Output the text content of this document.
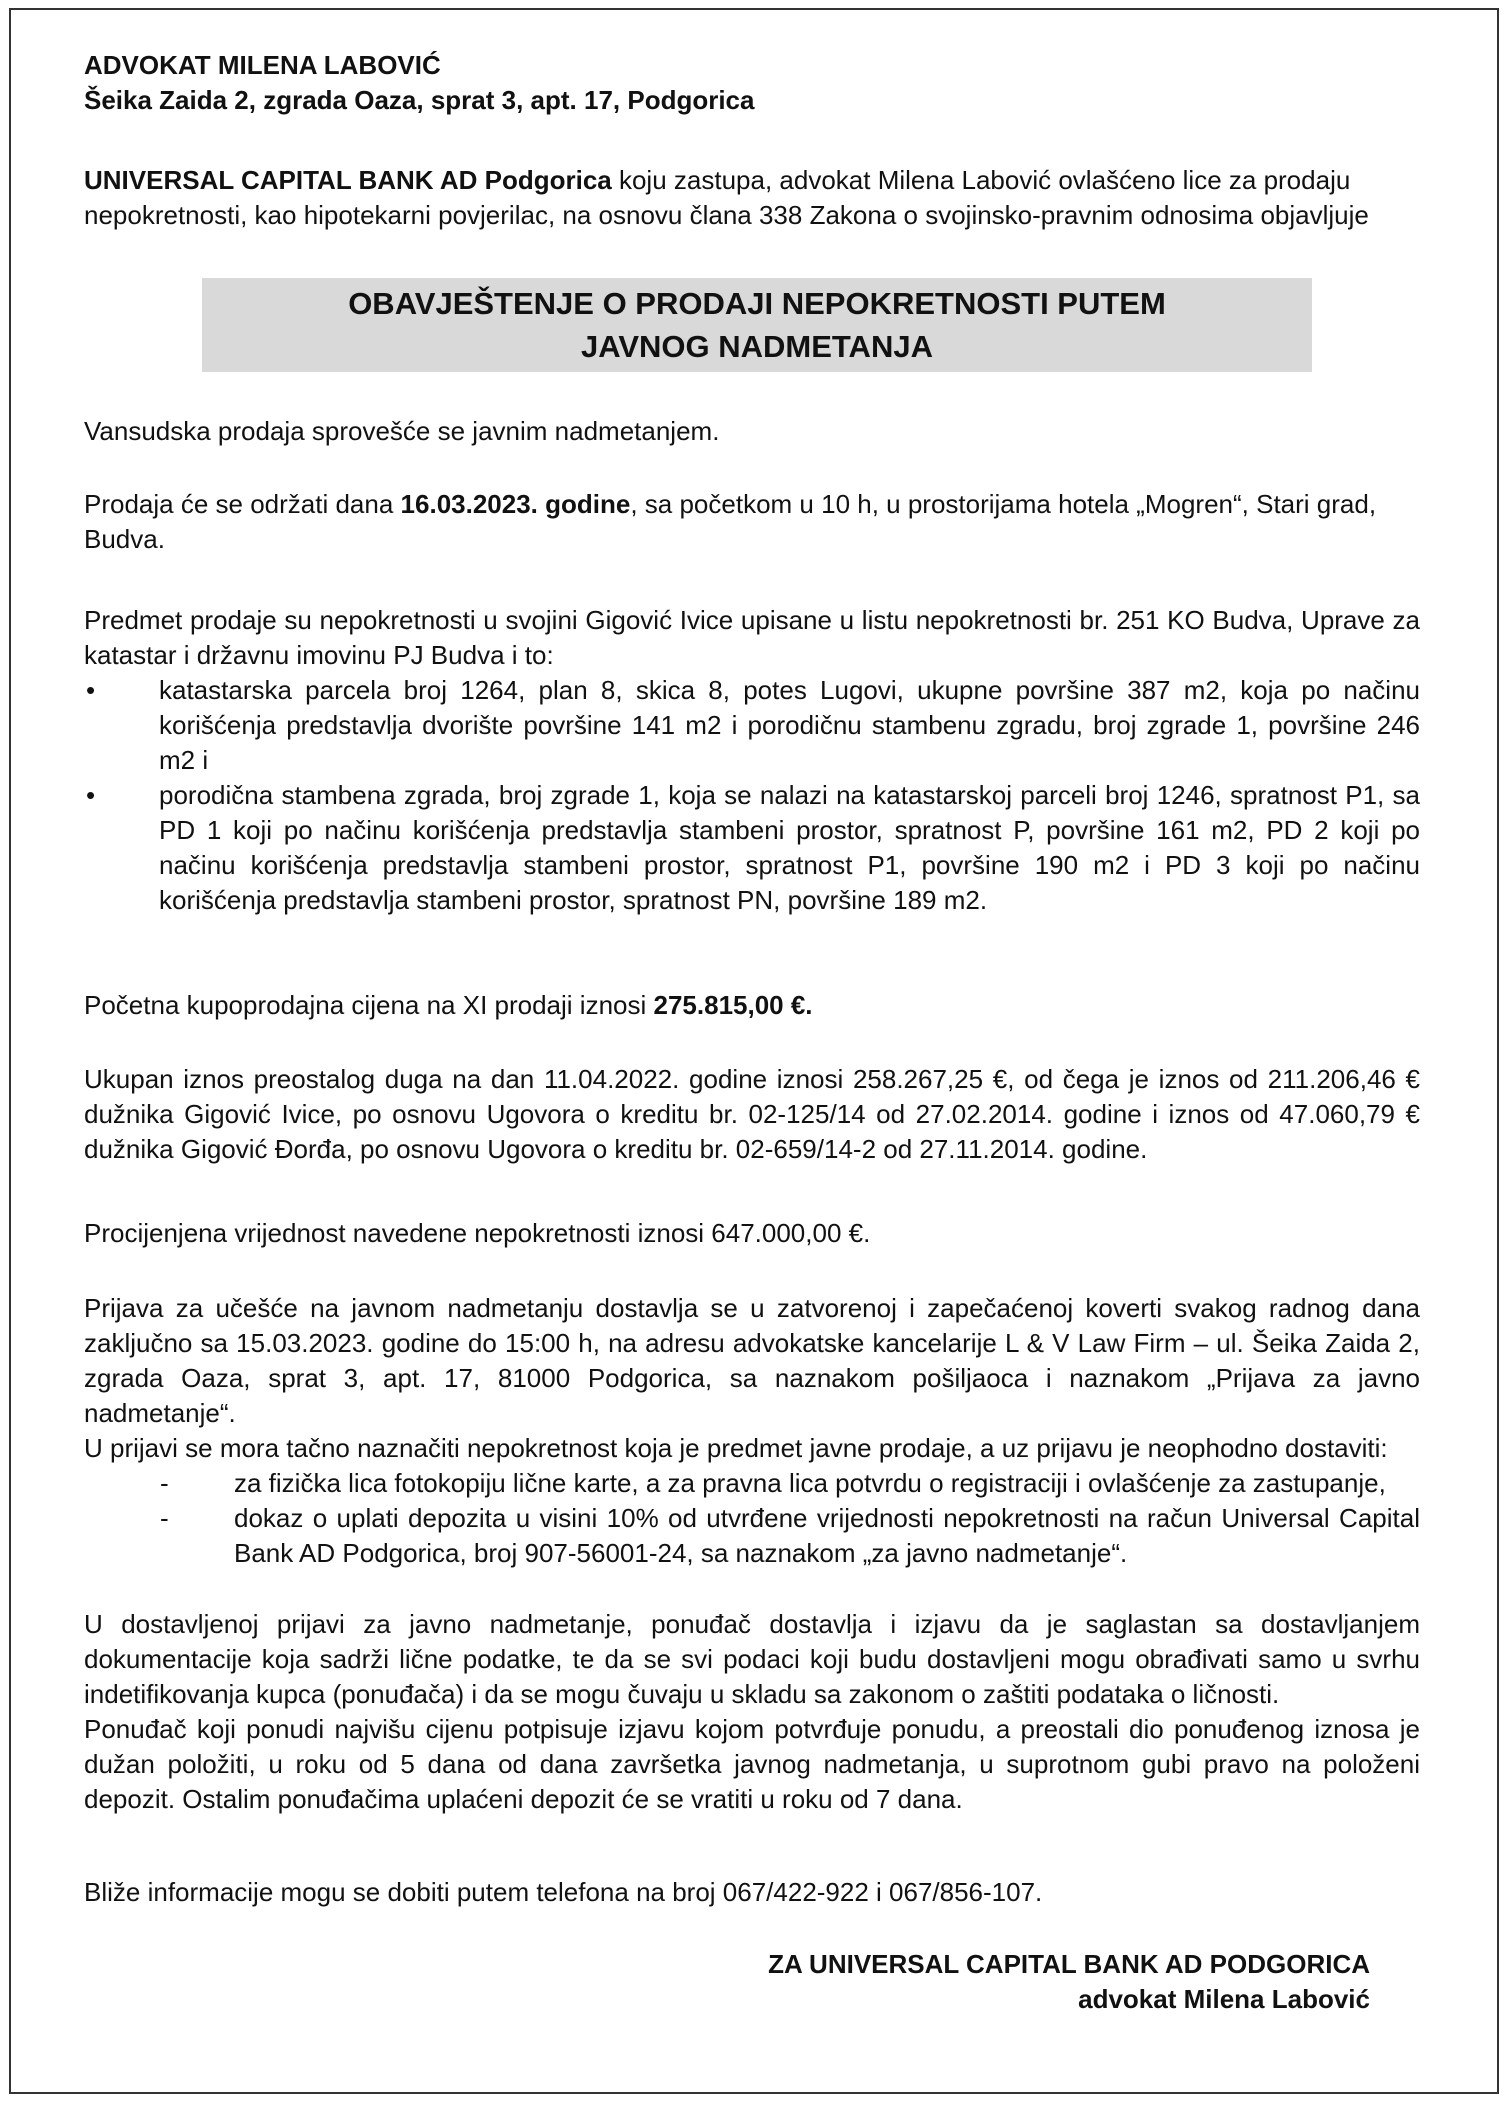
ADVOKAT MILENA LABOVIĆ

Šeika Zaida 2, zgrada Oaza, sprat 3, apt. 17, Podgorica

UNIVERSAL CAPITAL BANK AD Podgorica koju zastupa, advokat Milena Labović ovlašćeno lice za prodaju nepokretnosti, kao hipotekarni povjerilac, na osnovu člana 338 Zakona o svojinsko-pravnim odnosima objavljuje

OBAVJEŠTENJE O PRODAJI NEPOKRETNOSTI PUTEM
JAVNOG NADMETANJA

Vansudska prodaja sprovešće se javnim nadmetanjem.

Prodaja će se održati dana 16.03.2023. godine, sa početkom u 10 h, u prostorijama hotela „Mogren“, Stari grad, Budva.

Predmet prodaje su nepokretnosti u svojini Gigović Ivice upisane u listu nepokretnosti br. 251 KO Budva, Uprave za katastar i državnu imovinu PJ Budva i to:

• katastarska parcela broj 1264, plan 8, skica 8, potes Lugovi, ukupne površine 387 m2, koja po načinu korišćenja predstavlja dvorište površine 141 m2 i porodičnu stambenu zgradu, broj zgrade 1, površine 246 m2 i
• porodična stambena zgrada, broj zgrade 1, koja se nalazi na katastarskoj parceli broj 1246, spratnost P1, sa PD 1 koji po načinu korišćenja predstavlja stambeni prostor, spratnost P, površine 161 m2, PD 2 koji po načinu korišćenja predstavlja stambeni prostor, spratnost P1, površine 190 m2 i PD 3 koji po načinu korišćenja predstavlja stambeni prostor, spratnost PN, površine 189 m2.

Početna kupoprodajna cijena na XI prodaji iznosi 275.815,00 €.

Ukupan iznos preostalog duga na dan 11.04.2022. godine iznosi 258.267,25 €, od čega je iznos od 211.206,46 € dužnika Gigović Ivice, po osnovu Ugovora o kreditu br. 02-125/14 od 27.02.2014. godine i iznos od 47.060,79 € dužnika Gigović Đorđa, po osnovu Ugovora o kreditu br. 02-659/14-2 od 27.11.2014. godine.

Procijenjena vrijednost navedene nepokretnosti iznosi 647.000,00 €.

Prijava za učešće na javnom nadmetanju dostavlja se u zatvorenoj i zapečaćenoj koverti svakog radnog dana zaključno sa 15.03.2023. godine do 15:00 h, na adresu advokatske kancelarije L & V Law Firm – ul. Šeika Zaida 2, zgrada Oaza, sprat 3, apt. 17, 81000 Podgorica, sa naznakom pošiljaoca i naznakom „Prijava za javno nadmetanje“.

U prijavi se mora tačno naznačiti nepokretnost koja je predmet javne prodaje, a uz prijavu je neophodno dostaviti:

-	za fizička lica fotokopiju lične karte, a za pravna lica potvrdu o registraciji i ovlašćenje za zastupanje,
-	dokaz o uplati depozita u visini 10% od utvrđene vrijednosti nepokretnosti na račun Universal Capital Bank AD Podgorica, broj 907-56001-24, sa naznakom „za javno nadmetanje“.

U dostavljenoj prijavi za javno nadmetanje, ponuđač dostavlja i izjavu da je saglastan sa dostavljanjem dokumentacije koja sadrži lične podatke, te da se svi podaci koji budu dostavljeni mogu obrađivati samo u svrhu indetifikovanja kupca (ponuđača) i da se mogu čuvaju u skladu sa zakonom o zaštiti podataka o ličnosti.

Ponuđač koji ponudi najvišu cijenu potpisuje izjavu kojom potvrđuje ponudu, a preostali dio ponuđenog iznosa je dužan položiti, u roku od 5 dana od dana završetka javnog nadmetanja, u suprotnom gubi pravo na položeni depozit. Ostalim ponuđačima uplaćeni depozit će se vratiti u roku od 7 dana.

Bliže informacije mogu se dobiti putem telefona na broj 067/422-922 i 067/856-107.

ZA UNIVERSAL CAPITAL BANK AD PODGORICA

advokat Milena Labović
